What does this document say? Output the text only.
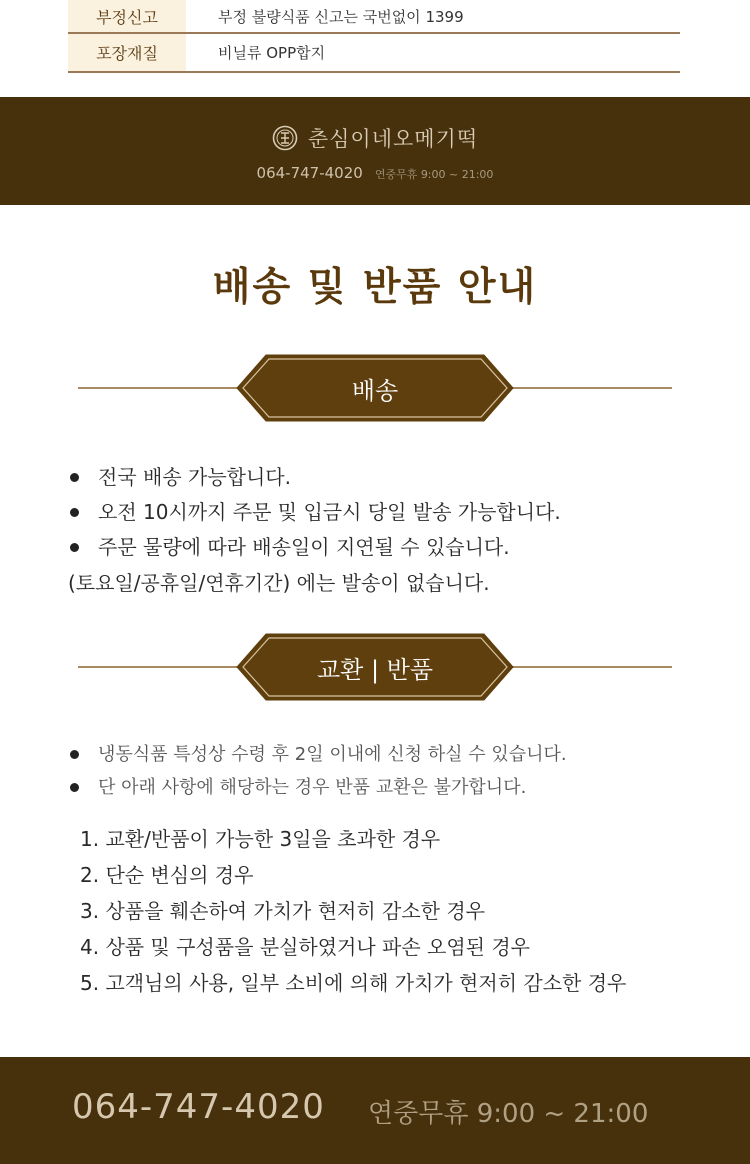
부정신고	부정 불량식품 신고는 국번없이 1399
포장재질	비닐류 OPP합지
춘심이네오메기떡
064-747-4020 연중무휴 9:00 ~ 21:00
배송 및 반품 안내
배송
전국 배송 가능합니다.
오전 10시까지 주문 및 입금시 당일 발송 가능합니다.
주문 물량에 따라 배송일이 지연될 수 있습니다.
(토요일/공휴일/연휴기간) 에는 발송이 없습니다.
교환 | 반품
냉동식품 특성상 수령 후 2일 이내에 신청 하실 수 있습니다.
단 아래 사항에 해당하는 경우 반품 교환은 불가합니다.
1. 교환/반품이 가능한 3일을 초과한 경우
2. 단순 변심의 경우
3. 상품을 훼손하여 가치가 현저히 감소한 경우
4. 상품 및 구성품을 분실하였거나 파손 오염된 경우
5. 고객님의 사용, 일부 소비에 의해 가치가 현저히 감소한 경우
064-747-4020 연중무휴 9:00 ~ 21:00
